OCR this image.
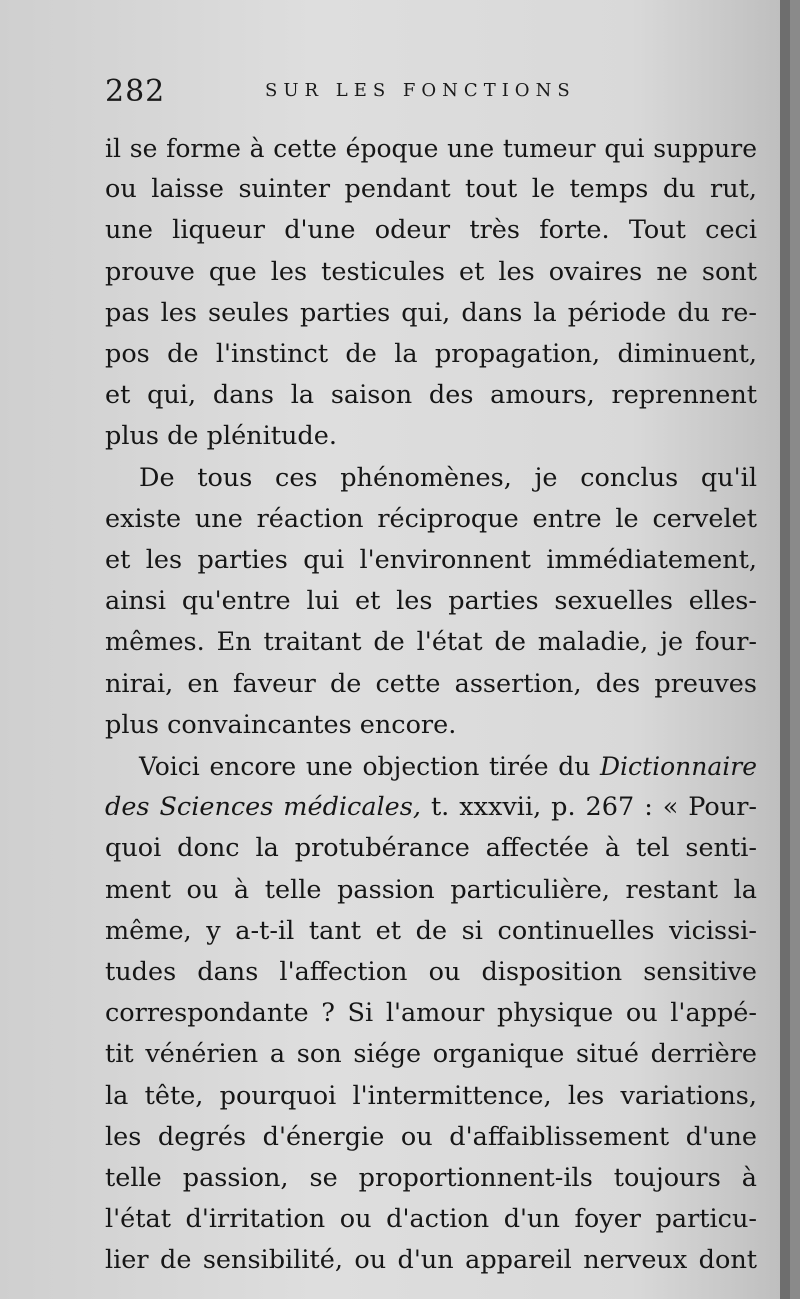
282	SUR LES FONCTIONS
il se forme à cette époque une tumeur qui suppure
ou laisse suinter pendant tout le temps du rut,
une liqueur d'une odeur très forte. Tout ceci
prouve que les testicules et les ovaires ne sont
pas les seules parties qui, dans la période du re-
pos de l'instinct de la propagation, diminuent,
et qui, dans la saison des amours, reprennent
plus de plénitude.
De tous ces phénomènes, je conclus qu'il
existe une réaction réciproque entre le cervelet
et les parties qui l'environnent immédiatement,
ainsi qu'entre lui et les parties sexuelles elles-
mêmes. En traitant de l'état de maladie, je four-
nirai, en faveur de cette assertion, des preuves
plus convaincantes encore.
Voici encore une objection tirée du Dictionnaire
des Sciences médicales, t. xxxvii, p. 267 : « Pour-
quoi donc la protubérance affectée à tel senti-
ment ou à telle passion particulière, restant la
même, y a-t-il tant et de si continuelles vicissi-
tudes dans l'affection ou disposition sensitive
correspondante ? Si l'amour physique ou l'appé-
tit vénérien a son siége organique situé derrière
la tête, pourquoi l'intermittence, les variations,
les degrés d'énergie ou d'affaiblissement d'une
telle passion, se proportionnent-ils toujours à
l'état d'irritation ou d'action d'un foyer particu-
lier de sensibilité, ou d'un appareil nerveux dont
